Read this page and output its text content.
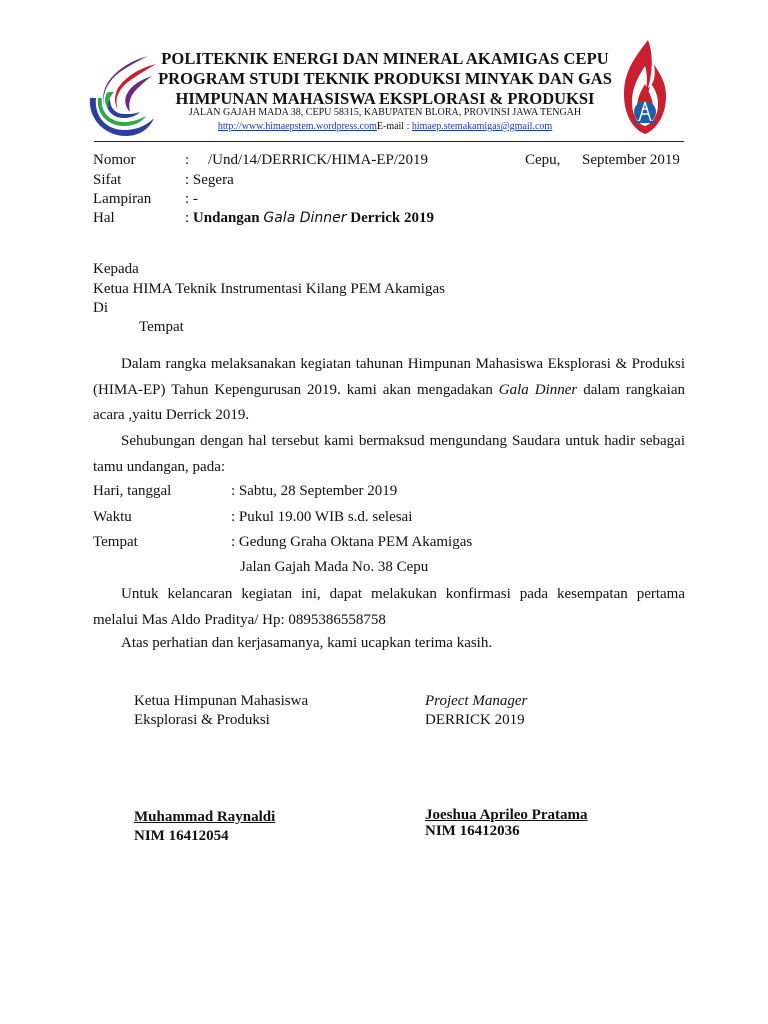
POLITEKNIK ENERGI DAN MINERAL AKAMIGAS CEPU
PROGRAM STUDI TEKNIK PRODUKSI MINYAK DAN GAS
HIMPUNAN MAHASISWA EKSPLORASI & PRODUKSI
JALAN GAJAH MADA 38, CEPU 58315, KABUPATEN BLORA, PROVINSI JAWA TENGAH
http://www.himaepstem.wordpress.comE-mail : himaep.stemakamigas@gmail.com
Nomor	: /Und/14/DERRICK/HIMA-EP/2019	Cepu, September 2019
Sifat	: Segera
Lampiran : -
Hal	: Undangan Gala Dinner Derrick 2019
Kepada
Ketua HIMA Teknik Instrumentasi Kilang PEM Akamigas
Di
Tempat
Dalam rangka melaksanakan kegiatan tahunan Himpunan Mahasiswa Eksplorasi & Produksi (HIMA-EP) Tahun Kepengurusan 2019. kami akan mengadakan Gala Dinner dalam rangkaian acara ,yaitu Derrick 2019.
Sehubungan dengan hal tersebut kami bermaksud mengundang Saudara untuk hadir sebagai tamu undangan, pada:
Hari, tanggal	: Sabtu, 28 September 2019
Waktu	: Pukul 19.00 WIB s.d. selesai
Tempat	: Gedung Graha Oktana PEM Akamigas
Jalan Gajah Mada No. 38 Cepu
Untuk kelancaran kegiatan ini, dapat melakukan konfirmasi pada kesempatan pertama melalui Mas Aldo Praditya/ Hp: 0895386558758
Atas perhatian dan kerjasamanya, kami ucapkan terima kasih.
Ketua Himpunan Mahasiswa
Eksplorasi & Produksi
Project Manager
DERRICK 2019
Muhammad Raynaldi
NIM 16412054
Joeshua Aprileo Pratama
NIM 16412036
